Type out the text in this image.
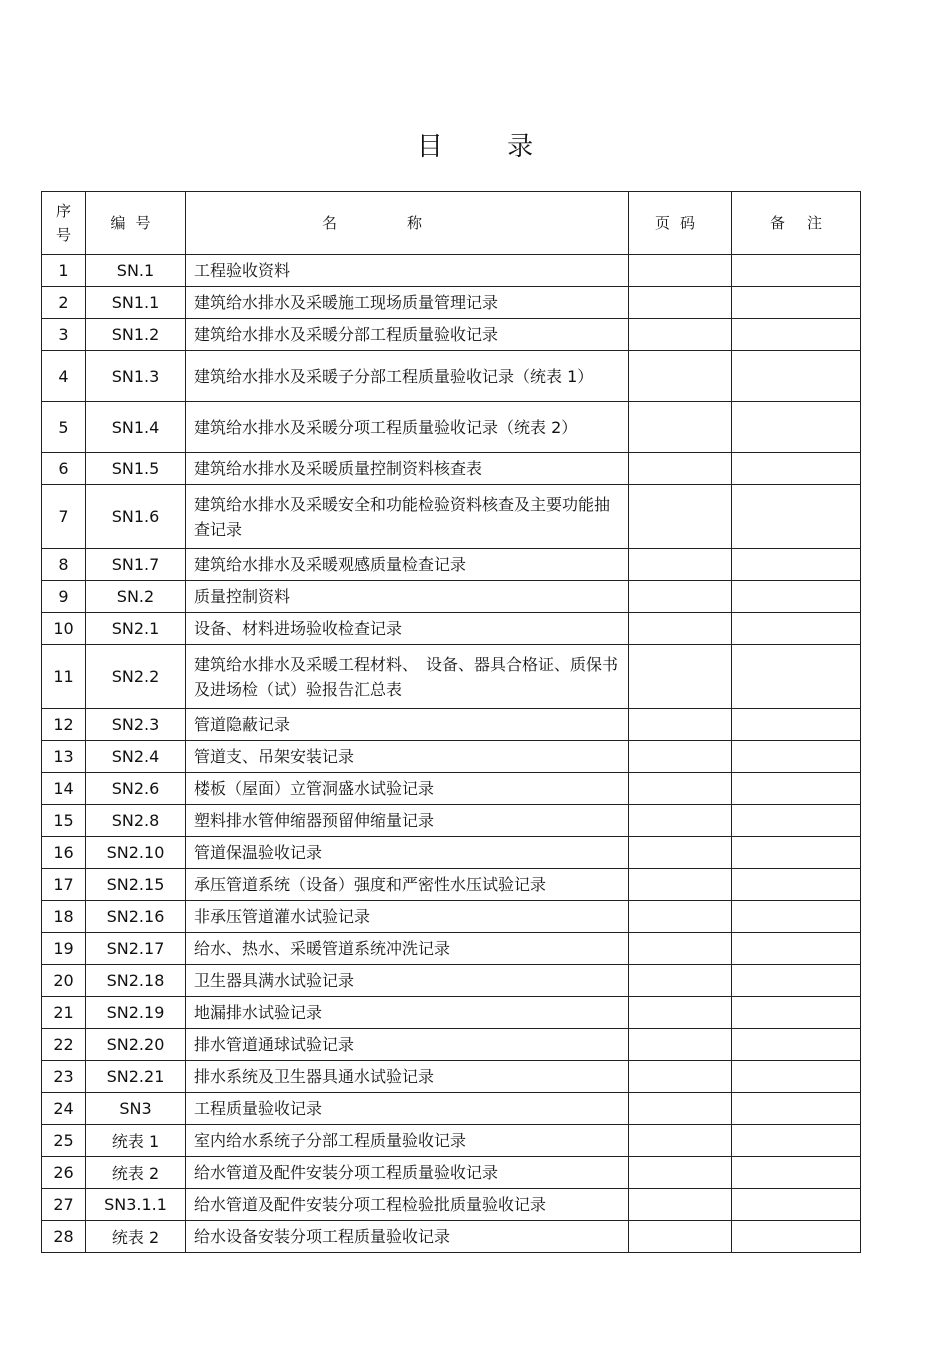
目 录
序号	编号	名称	页码	备注
1	SN.1	工程验收资料		
2	SN1.1	建筑给水排水及采暖施工现场质量管理记录		
3	SN1.2	建筑给水排水及采暖分部工程质量验收记录		
4	SN1.3	建筑给水排水及采暖子分部工程质量验收记录（统表 1）		
5	SN1.4	建筑给水排水及采暖分项工程质量验收记录（统表 2）		
6	SN1.5	建筑给水排水及采暖质量控制资料核查表		
7	SN1.6	建筑给水排水及采暖安全和功能检验资料核查及主要功能抽查记录		
8	SN1.7	建筑给水排水及采暖观感质量检查记录		
9	SN.2	质量控制资料		
10	SN2.1	设备、材料进场验收检查记录		
11	SN2.2	建筑给水排水及采暖工程材料、　设备、器具合格证、质保书及进场检（试）验报告汇总表		
12	SN2.3	管道隐蔽记录		
13	SN2.4	管道支、吊架安装记录		
14	SN2.6	楼板（屋面）立管洞盛水试验记录		
15	SN2.8	塑料排水管伸缩器预留伸缩量记录		
16	SN2.10	管道保温验收记录		
17	SN2.15	承压管道系统（设备）强度和严密性水压试验记录		
18	SN2.16	非承压管道灌水试验记录		
19	SN2.17	给水、热水、采暖管道系统冲洗记录		
20	SN2.18	卫生器具满水试验记录		
21	SN2.19	地漏排水试验记录		
22	SN2.20	排水管道通球试验记录		
23	SN2.21	排水系统及卫生器具通水试验记录		
24	SN3	工程质量验收记录		
25	统表 1	室内给水系统子分部工程质量验收记录		
26	统表 2	给水管道及配件安装分项工程质量验收记录		
27	SN3.1.1	给水管道及配件安装分项工程检验批质量验收记录		
28	统表 2	给水设备安装分项工程质量验收记录		
